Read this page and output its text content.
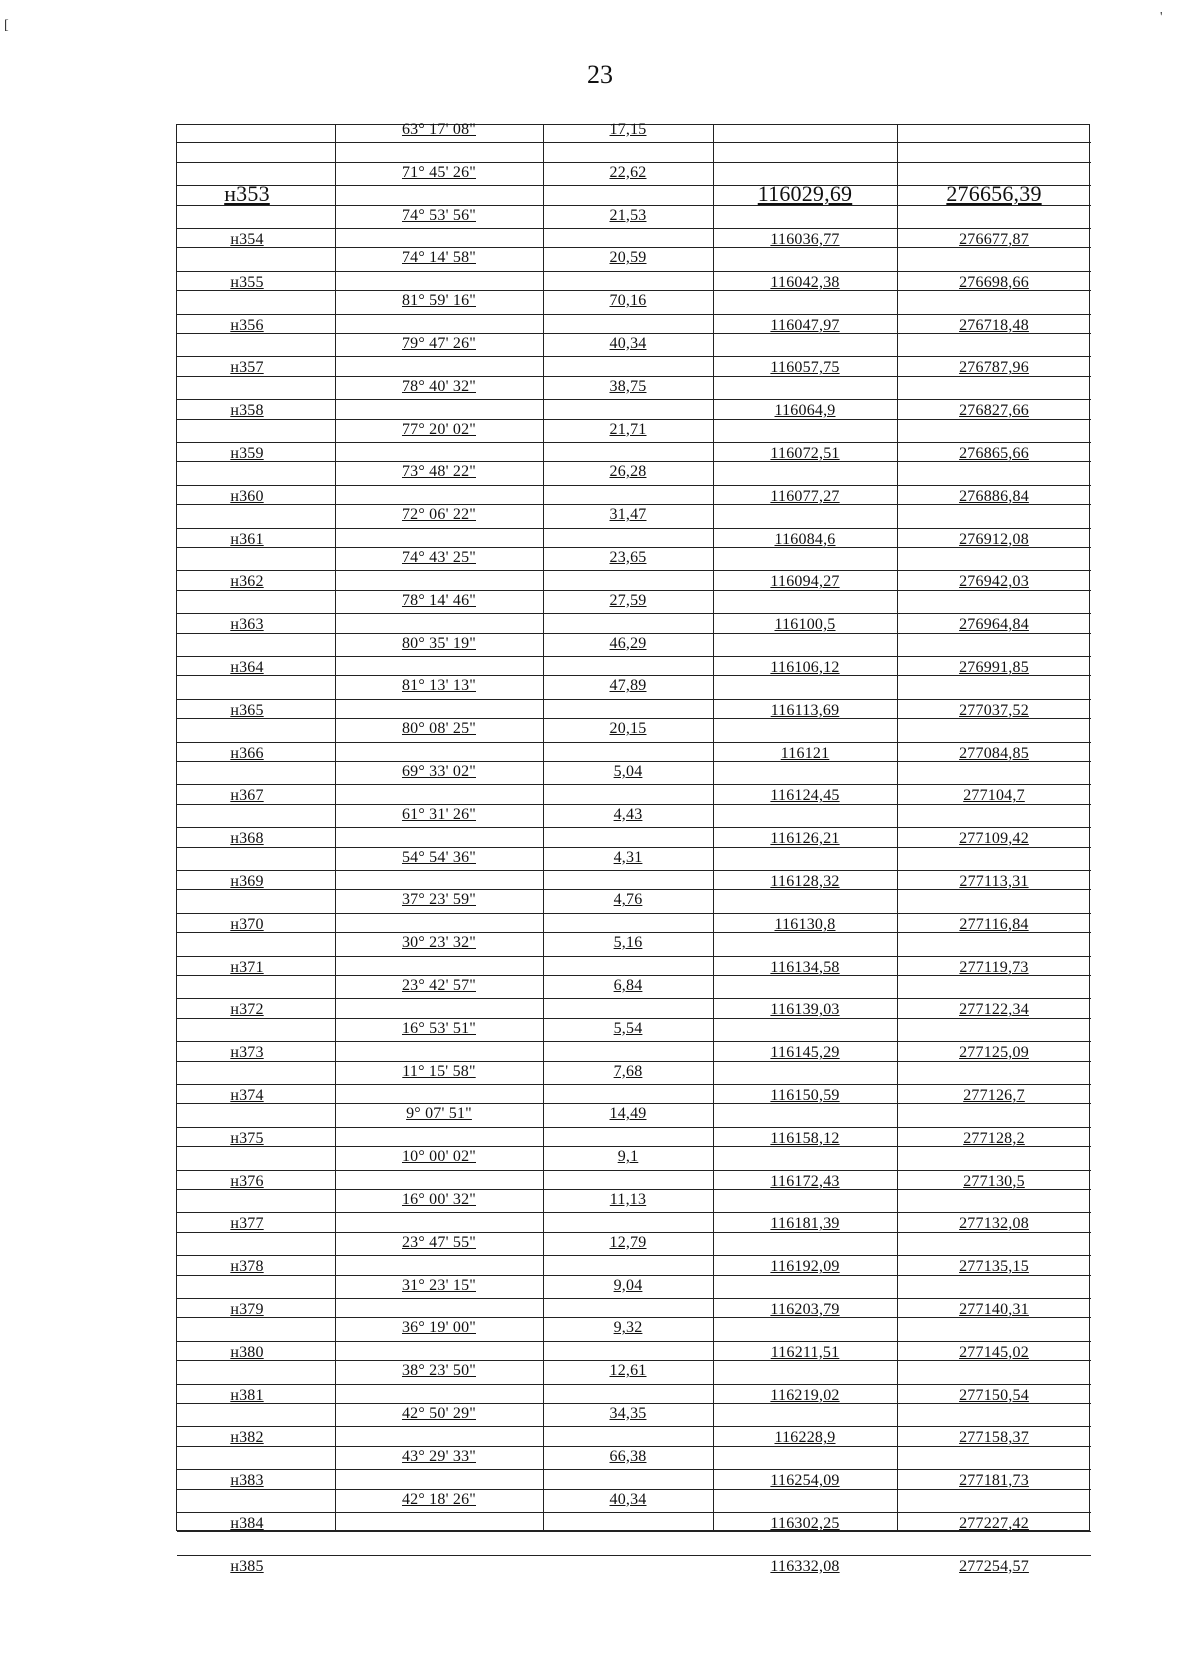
[
'
23
63° 17' 08"	17,15
71° 45' 26"	22,62
н353	116029,69	276656,39
74° 53' 56"	21,53
н354	116036,77	276677,87
74° 14' 58"	20,59
н355	116042,38	276698,66
81° 59' 16"	70,16
н356	116047,97	276718,48
79° 47' 26"	40,34
н357	116057,75	276787,96
78° 40' 32"	38,75
н358	116064,9	276827,66
77° 20' 02"	21,71
н359	116072,51	276865,66
73° 48' 22"	26,28
н360	116077,27	276886,84
72° 06' 22"	31,47
н361	116084,6	276912,08
74° 43' 25"	23,65
н362	116094,27	276942,03
78° 14' 46"	27,59
н363	116100,5	276964,84
80° 35' 19"	46,29
н364	116106,12	276991,85
81° 13' 13"	47,89
н365	116113,69	277037,52
80° 08' 25"	20,15
н366	116121	277084,85
69° 33' 02"	5,04
н367	116124,45	277104,7
61° 31' 26"	4,43
н368	116126,21	277109,42
54° 54' 36"	4,31
н369	116128,32	277113,31
37° 23' 59"	4,76
н370	116130,8	277116,84
30° 23' 32"	5,16
н371	116134,58	277119,73
23° 42' 57"	6,84
н372	116139,03	277122,34
16° 53' 51"	5,54
н373	116145,29	277125,09
11° 15' 58"	7,68
н374	116150,59	277126,7
9° 07' 51"	14,49
н375	116158,12	277128,2
10° 00' 02"	9,1
н376	116172,43	277130,5
16° 00' 32"	11,13
н377	116181,39	277132,08
23° 47' 55"	12,79
н378	116192,09	277135,15
31° 23' 15"	9,04
н379	116203,79	277140,31
36° 19' 00"	9,32
н380	116211,51	277145,02
38° 23' 50"	12,61
н381	116219,02	277150,54
42° 50' 29"	34,35
н382	116228,9	277158,37
43° 29' 33"	66,38
н383	116254,09	277181,73
42° 18' 26"	40,34
н384	116302,25	277227,42
н385	116332,08	277254,57
